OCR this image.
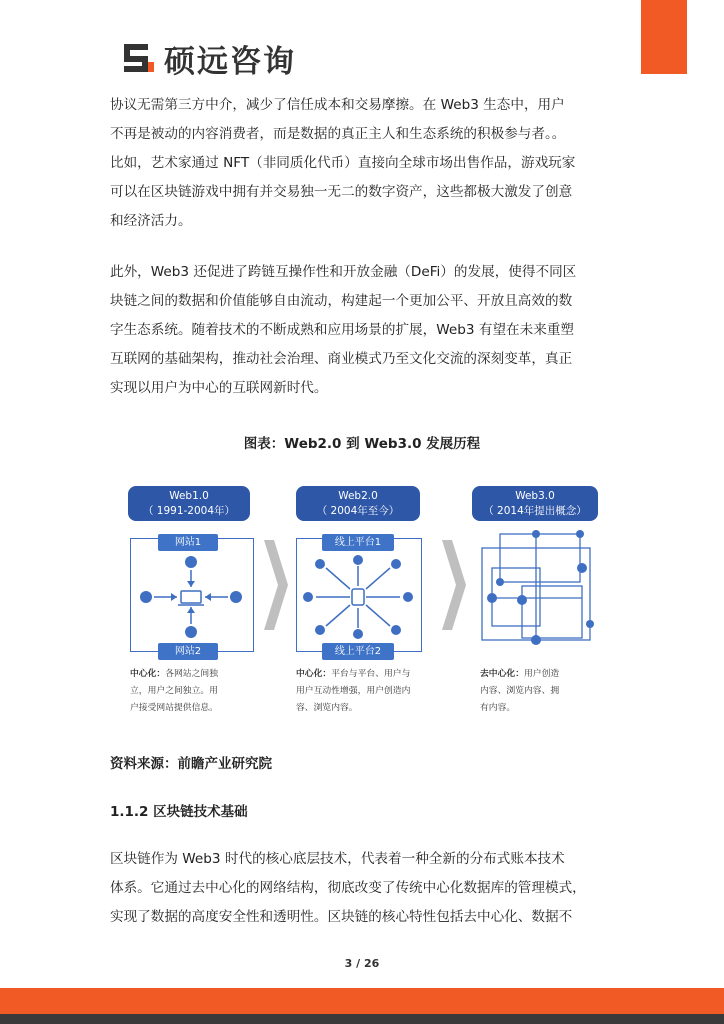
硕远咨询
协议无需第三方中介，减少了信任成本和交易摩擦。在 Web3 生态中，用户
不再是被动的内容消费者，而是数据的真正主人和生态系统的积极参与者。。
比如，艺术家通过 NFT（非同质化代币）直接向全球市场出售作品，游戏玩家
可以在区块链游戏中拥有并交易独一无二的数字资产，这些都极大激发了创意
和经济活力。
此外，Web3 还促进了跨链互操作性和开放金融（DeFi）的发展，使得不同区
块链之间的数据和价值能够自由流动，构建起一个更加公平、开放且高效的数
字生态系统。随着技术的不断成熟和应用场景的扩展，Web3 有望在未来重塑
互联网的基础架构，推动社会治理、商业模式乃至文化交流的深刻变革，真正
实现以用户为中心的互联网新时代。
图表：Web2.0 到 Web3.0 发展历程
Web1.0
（ 1991-2004年）
网站1
网站2
中心化：各网站之间独
立，用户之间独立。用
户接受网站提供信息。
Web2.0
（ 2004年至今）
线上平台1
线上平台2
中心化：平台与平台、用户与
用户互动性增强，用户创造内
容、浏览内容。
Web3.0
（ 2014年提出概念）
去中心化：用户创造
内容、浏览内容、拥
有内容。
资料来源：前瞻产业研究院
1.1.2 区块链技术基础
区块链作为 Web3 时代的核心底层技术，代表着一种全新的分布式账本技术
体系。它通过去中心化的网络结构，彻底改变了传统中心化数据库的管理模式，
实现了数据的高度安全性和透明性。区块链的核心特性包括去中心化、数据不
3 / 26
